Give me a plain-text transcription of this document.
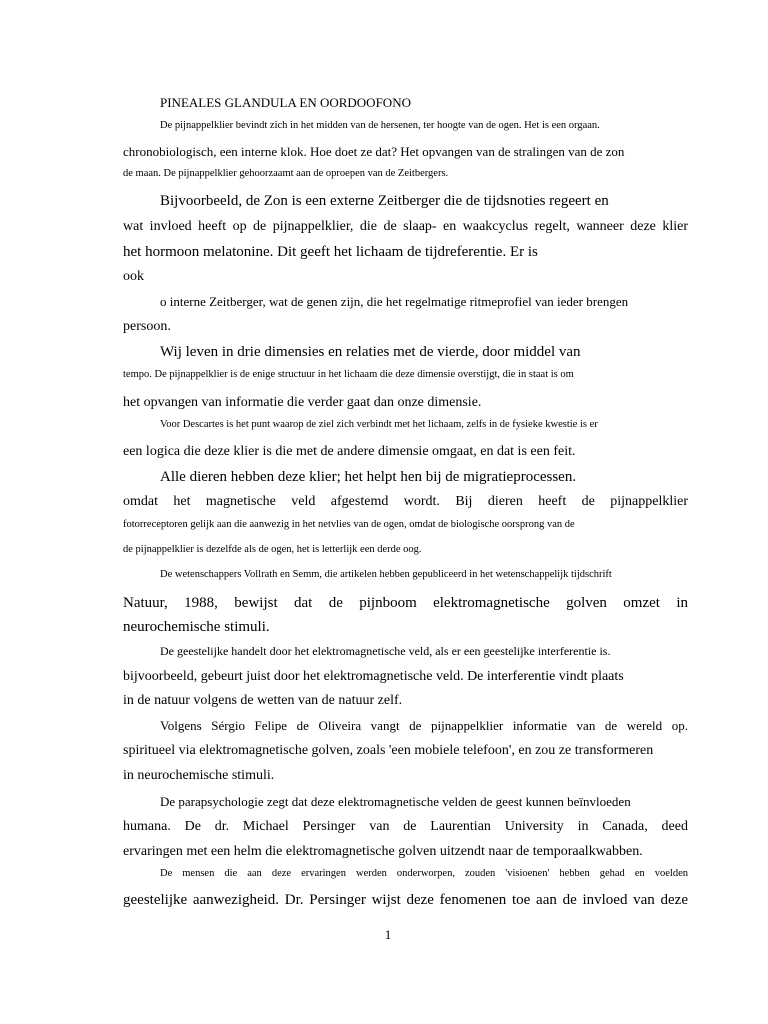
PINEALES GLANDULA EN OORDOOFONO

De pijnappelklier bevindt zich in het midden van de hersenen, ter hoogte van de ogen. Het is een orgaan.

chronobiologisch, een interne klok. Hoe doet ze dat? Het opvangen van de stralingen van de zon

de maan. De pijnappelklier gehoorzaamt aan de oproepen van de Zeitbergers.

Bijvoorbeeld, de Zon is een externe Zeitberger die de tijdsnoties regeert en

wat invloed heeft op de pijnappelklier, die de slaap- en waakcyclus regelt, wanneer deze klier

het hormoon melatonine. Dit geeft het lichaam de tijdreferentie. Er is

ook

o interne Zeitberger, wat de genen zijn, die het regelmatige ritmeprofiel van ieder brengen

persoon.

Wij leven in drie dimensies en relaties met de vierde, door middel van

tempo. De pijnappelklier is de enige structuur in het lichaam die deze dimensie overstijgt, die in staat is om

het opvangen van informatie die verder gaat dan onze dimensie.

Voor Descartes is het punt waarop de ziel zich verbindt met het lichaam, zelfs in de fysieke kwestie is er

een logica die deze klier is die met de andere dimensie omgaat, en dat is een feit.

Alle dieren hebben deze klier; het helpt hen bij de migratieprocessen.

omdat het magnetische veld afgestemd wordt. Bij dieren heeft de pijnappelklier

fotorreceptoren gelijk aan die aanwezig in het netvlies van de ogen, omdat de biologische oorsprong van de

de pijnappelklier is dezelfde als de ogen, het is letterlijk een derde oog.

De wetenschappers Vollrath en Semm, die artikelen hebben gepubliceerd in het wetenschappelijk tijdschrift

Natuur, 1988, bewijst dat de pijnboom elektromagnetische golven omzet in

neurochemische stimuli.

De geestelijke handelt door het elektromagnetische veld, als er een geestelijke interferentie is.

bijvoorbeeld, gebeurt juist door het elektromagnetische veld. De interferentie vindt plaats

in de natuur volgens de wetten van de natuur zelf.

Volgens Sérgio Felipe de Oliveira vangt de pijnappelklier informatie van de wereld op.

spiritueel via elektromagnetische golven, zoals 'een mobiele telefoon', en zou ze transformeren

in neurochemische stimuli.

De parapsychologie zegt dat deze elektromagnetische velden de geest kunnen beïnvloeden

humana. De dr. Michael Persinger van de Laurentian University in Canada, deed

ervaringen met een helm die elektromagnetische golven uitzendt naar de temporaalkwabben.

De mensen die aan deze ervaringen werden onderworpen, zouden 'visioenen' hebben gehad en voelden

geestelijke aanwezigheid. Dr. Persinger wijst deze fenomenen toe aan de invloed van deze

1
